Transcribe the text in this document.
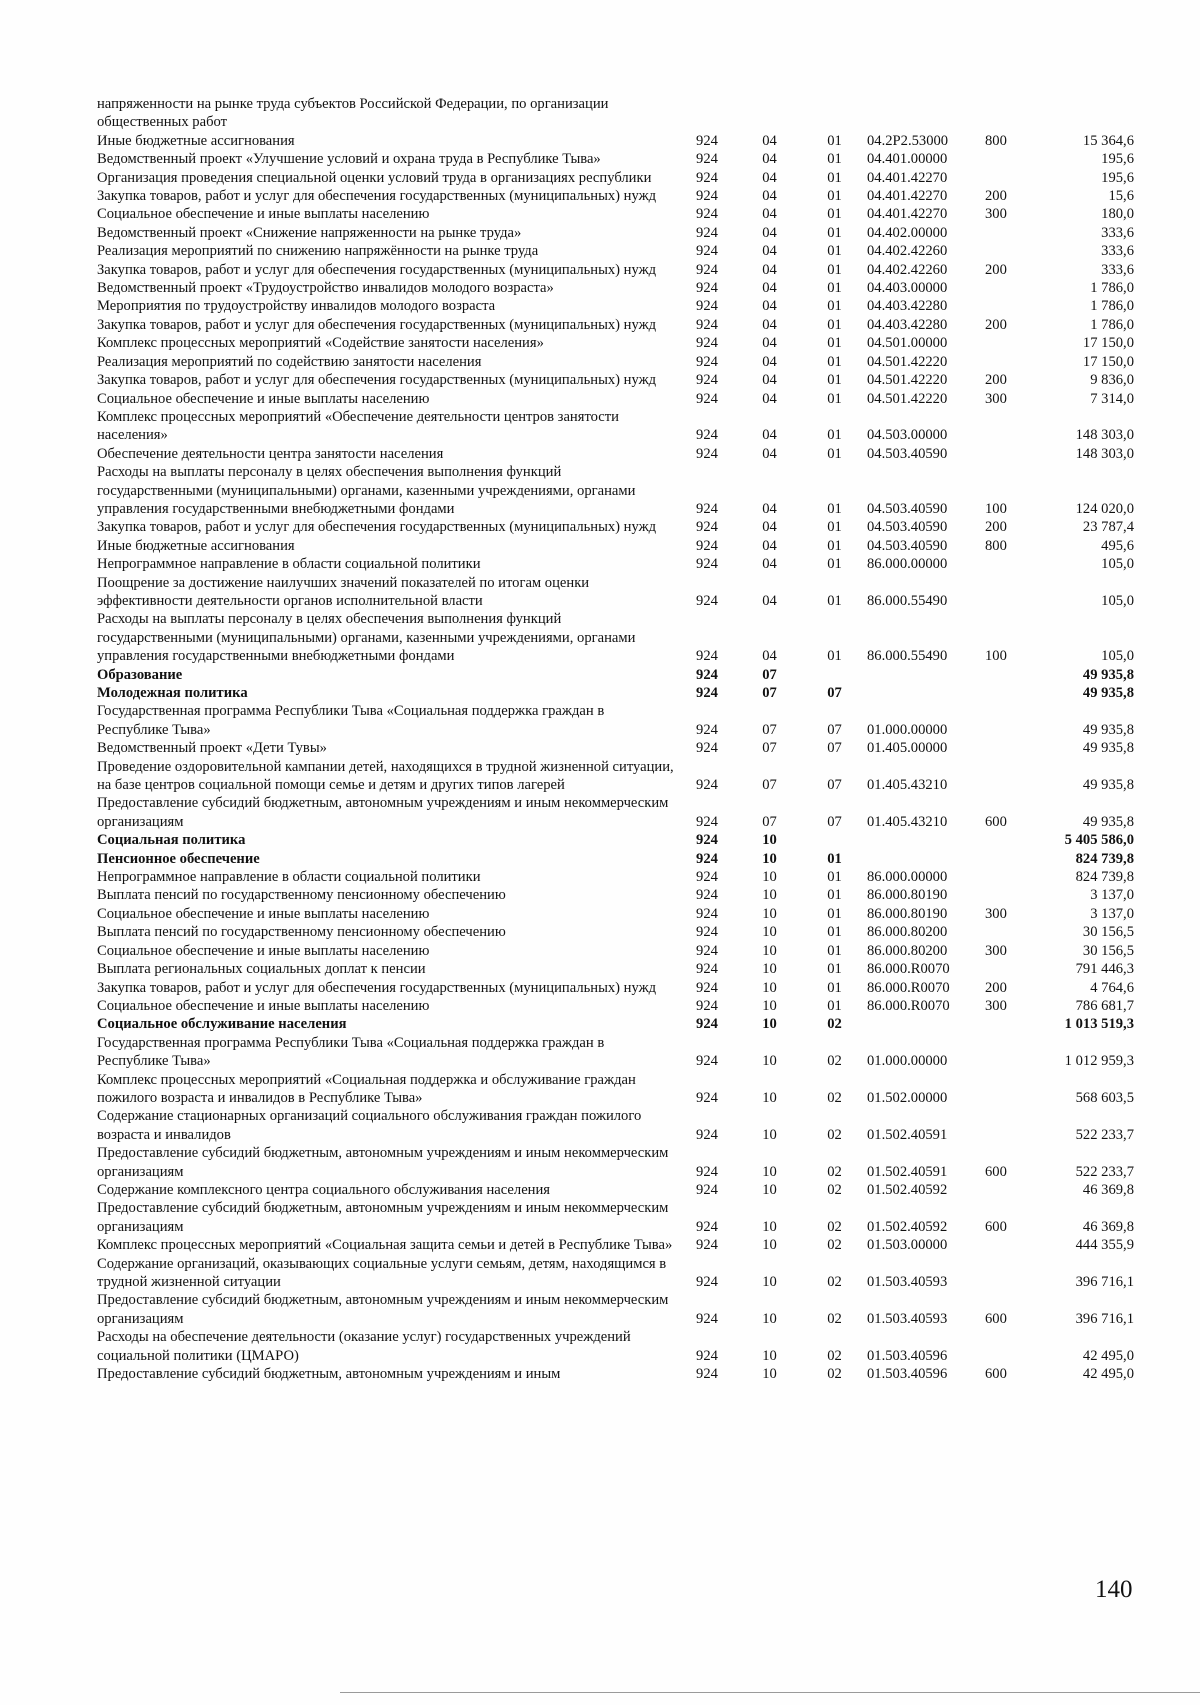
напряженности на рынке труда субъектов Российской Федерации, по организации общественных работ						
Иные бюджетные ассигнования	924	04	01	04.2Р2.53000	800	15 364,6
Ведомственный проект «Улучшение условий и охрана труда в Республике Тыва»	924	04	01	04.401.00000		195,6
Организация проведения специальной оценки условий труда в организациях республики	924	04	01	04.401.42270		195,6
Закупка товаров, работ и услуг для обеспечения государственных (муниципальных) нужд	924	04	01	04.401.42270	200	15,6
Социальное обеспечение и иные выплаты населению	924	04	01	04.401.42270	300	180,0
Ведомственный проект «Снижение напряженности на рынке труда»	924	04	01	04.402.00000		333,6
Реализация мероприятий по снижению напряжённости на рынке труда	924	04	01	04.402.42260		333,6
Закупка товаров, работ и услуг для обеспечения государственных (муниципальных) нужд	924	04	01	04.402.42260	200	333,6
Ведомственный проект «Трудоустройство инвалидов молодого возраста»	924	04	01	04.403.00000		1 786,0
Мероприятия по трудоустройству инвалидов молодого возраста	924	04	01	04.403.42280		1 786,0
Закупка товаров, работ и услуг для обеспечения государственных (муниципальных) нужд	924	04	01	04.403.42280	200	1 786,0
Комплекс процессных мероприятий «Содействие занятости населения»	924	04	01	04.501.00000		17 150,0
Реализация мероприятий по содействию занятости населения	924	04	01	04.501.42220		17 150,0
Закупка товаров, работ и услуг для обеспечения государственных (муниципальных) нужд	924	04	01	04.501.42220	200	9 836,0
Социальное обеспечение и иные выплаты населению	924	04	01	04.501.42220	300	7 314,0
Комплекс процессных мероприятий «Обеспечение деятельности центров занятости населения»	924	04	01	04.503.00000		148 303,0
Обеспечение деятельности центра занятости населения	924	04	01	04.503.40590		148 303,0
Расходы на выплаты персоналу в целях обеспечения выполнения функций государственными (муниципальными) органами, казенными учреждениями, органами управления государственными внебюджетными фондами	924	04	01	04.503.40590	100	124 020,0
Закупка товаров, работ и услуг для обеспечения государственных (муниципальных) нужд	924	04	01	04.503.40590	200	23 787,4
Иные бюджетные ассигнования	924	04	01	04.503.40590	800	495,6
Непрограммное направление в области социальной политики	924	04	01	86.000.00000		105,0
Поощрение за достижение наилучших значений показателей по итогам оценки эффективности деятельности органов исполнительной власти	924	04	01	86.000.55490		105,0
Расходы на выплаты персоналу в целях обеспечения выполнения функций государственными (муниципальными) органами, казенными учреждениями, органами управления государственными внебюджетными фондами	924	04	01	86.000.55490	100	105,0
Образование	924	07				49 935,8
Молодежная политика	924	07	07			49 935,8
Государственная программа Республики Тыва «Социальная поддержка граждан в Республике Тыва»	924	07	07	01.000.00000		49 935,8
Ведомственный проект «Дети Тувы»	924	07	07	01.405.00000		49 935,8
Проведение оздоровительной кампании детей, находящихся в трудной жизненной ситуации, на базе центров социальной помощи семье и детям и других типов лагерей	924	07	07	01.405.43210		49 935,8
Предоставление субсидий бюджетным, автономным учреждениям и иным некоммерческим организациям	924	07	07	01.405.43210	600	49 935,8
Социальная политика	924	10				5 405 586,0
Пенсионное обеспечение	924	10	01			824 739,8
Непрограммное направление в области социальной политики	924	10	01	86.000.00000		824 739,8
Выплата пенсий по государственному пенсионному обеспечению	924	10	01	86.000.80190		3 137,0
Социальное обеспечение и иные выплаты населению	924	10	01	86.000.80190	300	3 137,0
Выплата пенсий по государственному пенсионному обеспечению	924	10	01	86.000.80200		30 156,5
Социальное обеспечение и иные выплаты населению	924	10	01	86.000.80200	300	30 156,5
Выплата региональных социальных доплат к пенсии	924	10	01	86.000.R0070		791 446,3
Закупка товаров, работ и услуг для обеспечения государственных (муниципальных) нужд	924	10	01	86.000.R0070	200	4 764,6
Социальное обеспечение и иные выплаты населению	924	10	01	86.000.R0070	300	786 681,7
Социальное обслуживание населения	924	10	02			1 013 519,3
Государственная программа Республики Тыва «Социальная поддержка граждан в Республике Тыва»	924	10	02	01.000.00000		1 012 959,3
Комплекс процессных мероприятий «Социальная поддержка и обслуживание граждан пожилого возраста и инвалидов в Республике Тыва»	924	10	02	01.502.00000		568 603,5
Содержание стационарных организаций социального обслуживания граждан пожилого возраста и инвалидов	924	10	02	01.502.40591		522 233,7
Предоставление субсидий бюджетным, автономным учреждениям и иным некоммерческим организациям	924	10	02	01.502.40591	600	522 233,7
Содержание комплексного центра социального обслуживания населения	924	10	02	01.502.40592		46 369,8
Предоставление субсидий бюджетным, автономным учреждениям и иным некоммерческим организациям	924	10	02	01.502.40592	600	46 369,8
Комплекс процессных мероприятий «Социальная защита семьи и детей в Республике Тыва»	924	10	02	01.503.00000		444 355,9
Содержание организаций, оказывающих социальные услуги семьям, детям, находящимся в трудной жизненной ситуации	924	10	02	01.503.40593		396 716,1
Предоставление субсидий бюджетным, автономным учреждениям и иным некоммерческим организациям	924	10	02	01.503.40593	600	396 716,1
Расходы на обеспечение деятельности (оказание услуг) государственных учреждений социальной политики (ЦМАРО)	924	10	02	01.503.40596		42 495,0
Предоставление субсидий бюджетным, автономным учреждениям и иным	924	10	02	01.503.40596	600	42 495,0
140
